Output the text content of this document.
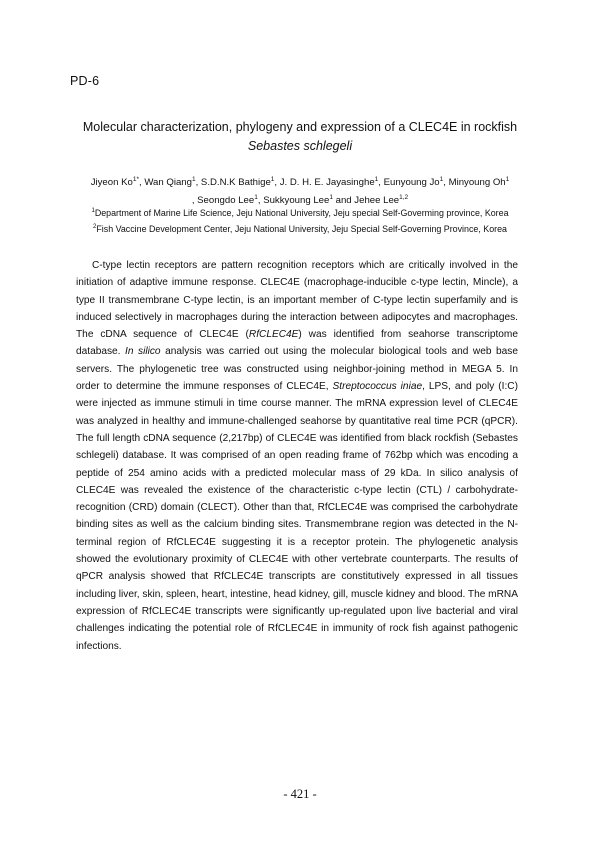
PD-6
Molecular characterization, phylogeny and expression of a CLEC4E in rockfish
Sebastes schlegeli
Jiyeon $Ko^{1*}$, Wan Qiang$^1$, S.D.N.K Bathige$^1$, J. D. H. E. Jayasinghe$^1$, Eunyoung Jo$^1$, Minyoung Oh$^1$
, Seongdo Lee$^1$, Sukkyoung Lee$^1$ and Jehee Lee$^{1,2}$
$^1$Department of Marine Life Science, Jeju National University, Jeju special Self-Goverming province, Korea
$^2$Fish Vaccine Development Center, Jeju National University, Jeju Special Self-Governing Province, Korea

C-type lectin receptors are pattern recognition receptors which are critically involved in the initiation of adaptive immune response. CLEC4E (macrophage-inducible c-type lectin, Mincle), a type II transmembrane C-type lectin, is an important member of C-type lectin superfamily and is induced selectively in macrophages during the interaction between adipocytes and macrophages. The cDNA sequence of CLEC4E (RfCLEC4E) was identified from seahorse transcriptome database. In silico analysis was carried out using the molecular biological tools and web base servers. The phylogenetic tree was constructed using neighbor-joining method in MEGA 5. In order to determine the immune responses of CLEC4E, Streptococcus iniae, LPS, and poly (I:C) were injected as immune stimuli in time course manner. The mRNA expression level of CLEC4E was analyzed in healthy and immune-challenged seahorse by quantitative real time PCR (qPCR). The full length cDNA sequence (2,217bp) of CLEC4E was identified from black rockfish (Sebastes schlegeli) database. It was comprised of an open reading frame of 762bp which was encoding a peptide of 254 amino acids with a predicted molecular mass of 29 kDa. In silico analysis of CLEC4E was revealed the existence of the characteristic c-type lectin (CTL) / carbohydrate-recognition (CRD) domain (CLECT). Other than that, RfCLEC4E was comprised the carbohydrate binding sites as well as the calcium binding sites. Transmembrane region was detected in the N-terminal region of RfCLEC4E suggesting it is a receptor protein. The phylogenetic analysis showed the evolutionary proximity of CLEC4E with other vertebrate counterparts. The results of qPCR analysis showed that RfCLEC4E transcripts are constitutively expressed in all tissues including liver, skin, spleen, heart, intestine, head kidney, gill, muscle kidney and blood. The mRNA expression of RfCLEC4E transcripts were significantly up-regulated upon live bacterial and viral challenges indicating the potential role of RfCLEC4E in immunity of rock fish against pathogenic infections.

- 421 -
